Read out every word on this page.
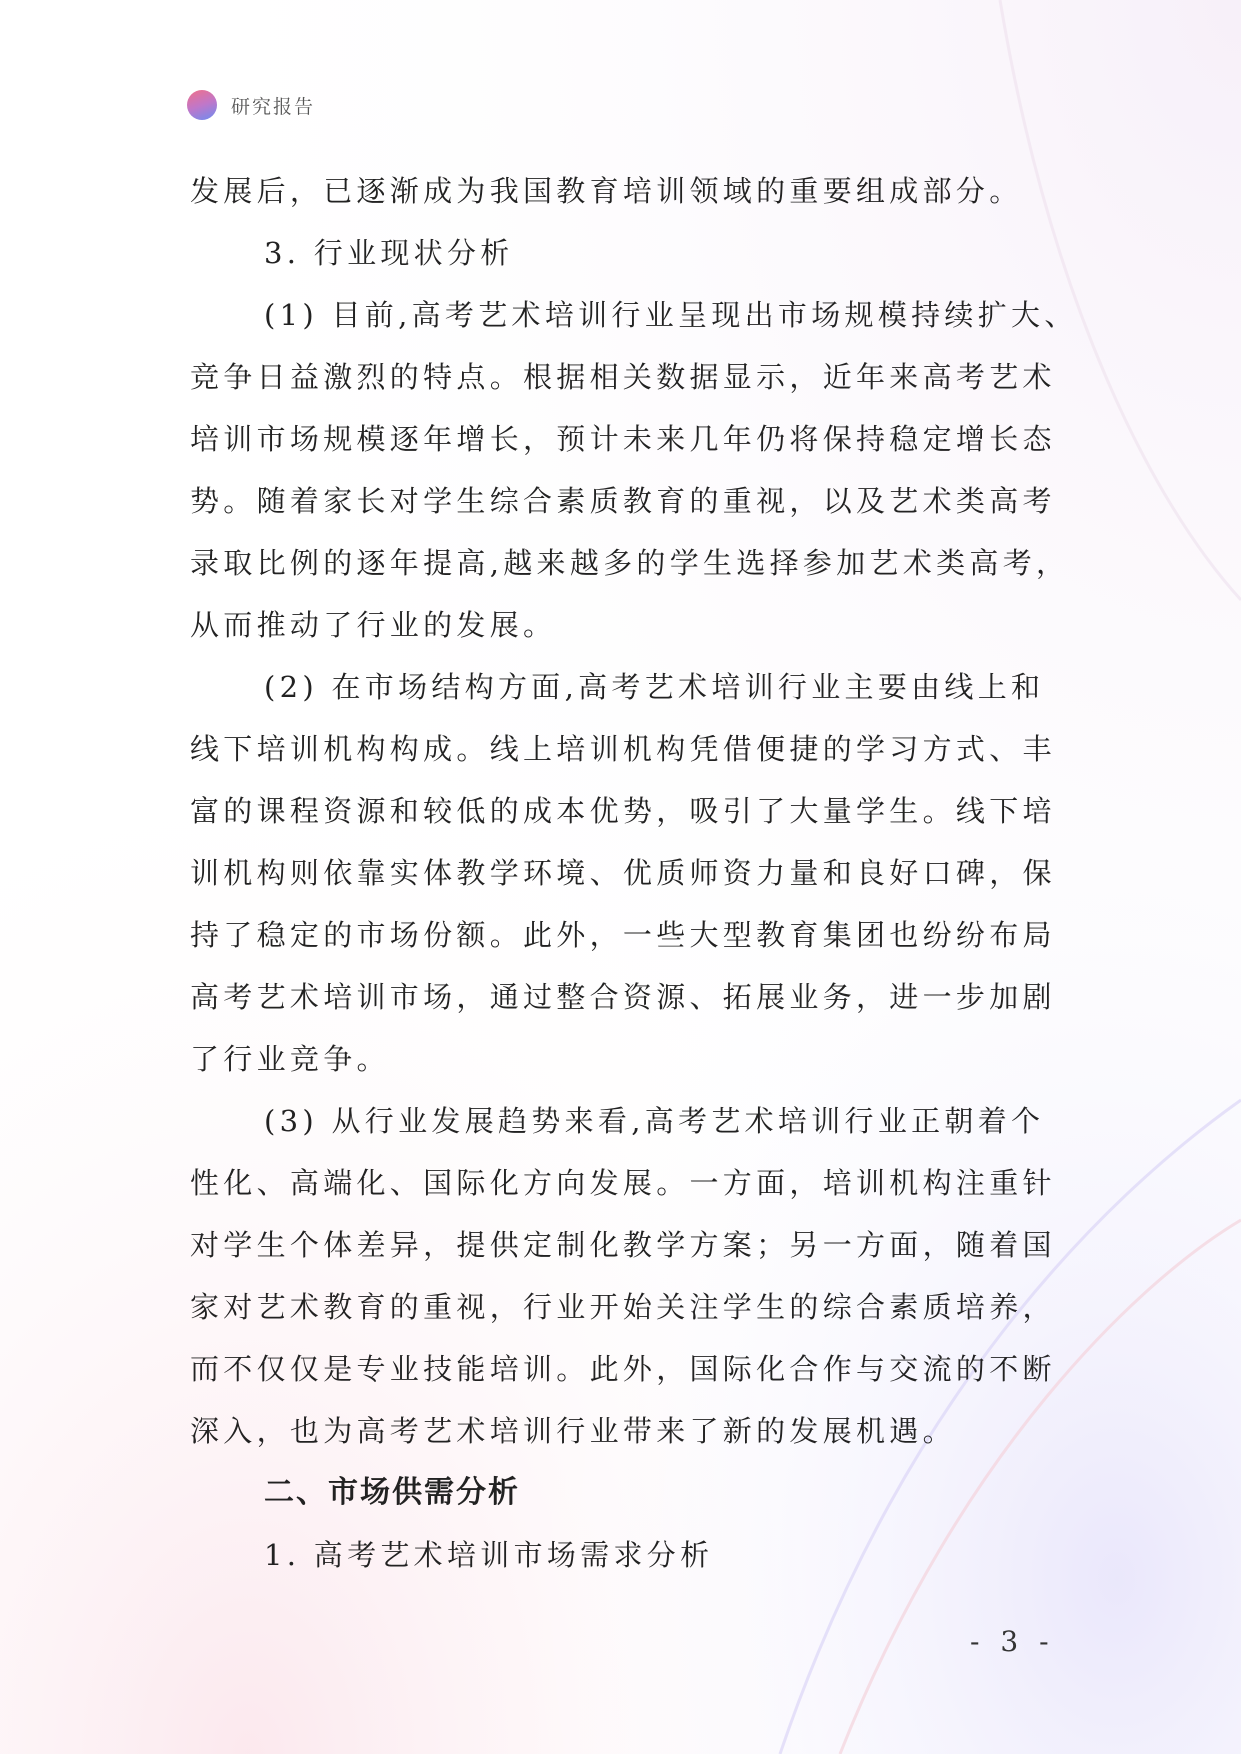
研究报告
发展后，已逐渐成为我国教育培训领域的重要组成部分。
3. 行业现状分析
(1) 目前,高考艺术培训行业呈现出市场规模持续扩大、
竞争日益激烈的特点。根据相关数据显示，近年来高考艺术
培训市场规模逐年增长，预计未来几年仍将保持稳定增长态
势。随着家长对学生综合素质教育的重视，以及艺术类高考
录取比例的逐年提高,越来越多的学生选择参加艺术类高考，
从而推动了行业的发展。
(2) 在市场结构方面,高考艺术培训行业主要由线上和
线下培训机构构成。线上培训机构凭借便捷的学习方式、丰
富的课程资源和较低的成本优势，吸引了大量学生。线下培
训机构则依靠实体教学环境、优质师资力量和良好口碑，保
持了稳定的市场份额。此外，一些大型教育集团也纷纷布局
高考艺术培训市场，通过整合资源、拓展业务，进一步加剧
了行业竞争。
(3) 从行业发展趋势来看,高考艺术培训行业正朝着个
性化、高端化、国际化方向发展。一方面，培训机构注重针
对学生个体差异，提供定制化教学方案；另一方面，随着国
家对艺术教育的重视，行业开始关注学生的综合素质培养，
而不仅仅是专业技能培训。此外，国际化合作与交流的不断
深入，也为高考艺术培训行业带来了新的发展机遇。
二、市场供需分析
1. 高考艺术培训市场需求分析
- 3 -
